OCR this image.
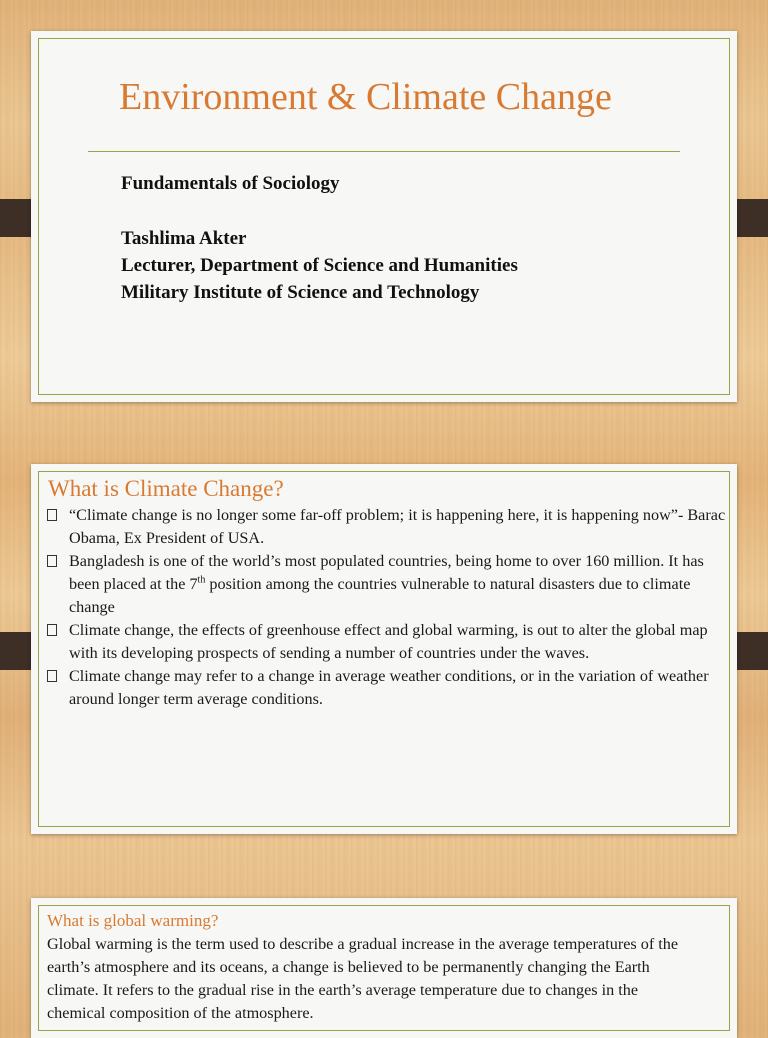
Environment & Climate Change

Fundamentals of Sociology

Tashlima Akter

Lecturer, Department of Science and Humanities

Military Institute of Science and Technology

What is Climate Change?
“Climate change is no longer some far-off problem; it is happening here, it is happening now”- Barac Obama, Ex President of USA.
Bangladesh is one of the world’s most populated countries, being home to over 160 million. It has been placed at the 7th position among the countries vulnerable to natural disasters due to climate change
Climate change, the effects of greenhouse effect and global warming, is out to alter the global map with its developing prospects of sending a number of countries under the waves.
Climate change may refer to a change in average weather conditions, or in the variation of weather around longer term average conditions.
What is global warming?

Global warming is the term used to describe a gradual increase in the average temperatures of the earth’s atmosphere and its oceans, a change is believed to be permanently changing the Earth climate. It refers to the gradual rise in the earth’s average temperature due to changes in the chemical composition of the atmosphere.
